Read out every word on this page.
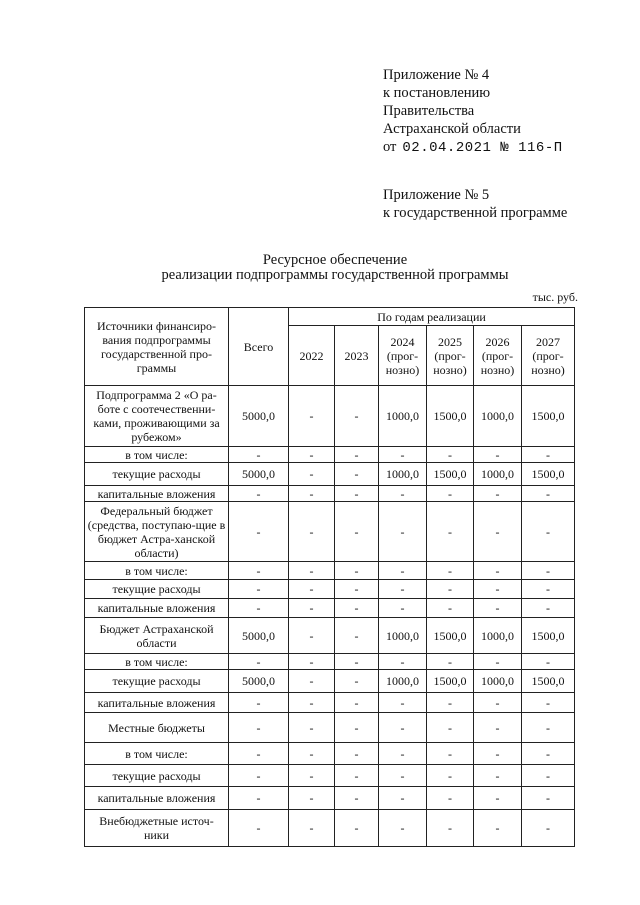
Приложение № 4
к постановлению
Правительства
Астраханской области
от 02.04.2021 № 116-П
Приложение № 5
к государственной программе
Ресурсное обеспечение
реализации подпрограммы государственной программы
тыс. руб.
Источники финансиро-вания подпрограммы государственной про-граммы	Всего	По годам реализации					
		2022	2023	2024 (прог-нозно)	2025 (прог-нозно)	2026 (прог-нозно)	2027 (прог-нозно)
Подпрограмма 2 «О ра-боте с соотечественни-ками, проживающими за рубежом»	5000,0	-	-	1000,0	1500,0	1000,0	1500,0
в том числе:	-	-	-	-	-	-	-
текущие расходы	5000,0	-	-	1000,0	1500,0	1000,0	1500,0
капитальные вложения	-	-	-	-	-	-	-
Федеральный бюджет (средства, поступаю-щие в бюджет Астра-ханской области)	-	-	-	-	-	-	-
в том числе:	-	-	-	-	-	-	-
текущие расходы	-	-	-	-	-	-	-
капитальные вложения	-	-	-	-	-	-	-
Бюджет Астраханской области	5000,0	-	-	1000,0	1500,0	1000,0	1500,0
в том числе:	-	-	-	-	-	-	-
текущие расходы	5000,0	-	-	1000,0	1500,0	1000,0	1500,0
капитальные вложения	-	-	-	-	-	-	-
Местные бюджеты	-	-	-	-	-	-	-
в том числе:	-	-	-	-	-	-	-
текущие расходы	-	-	-	-	-	-	-
капитальные вложения	-	-	-	-	-	-	-
Внебюджетные источ-ники	-	-	-	-	-	-	-
